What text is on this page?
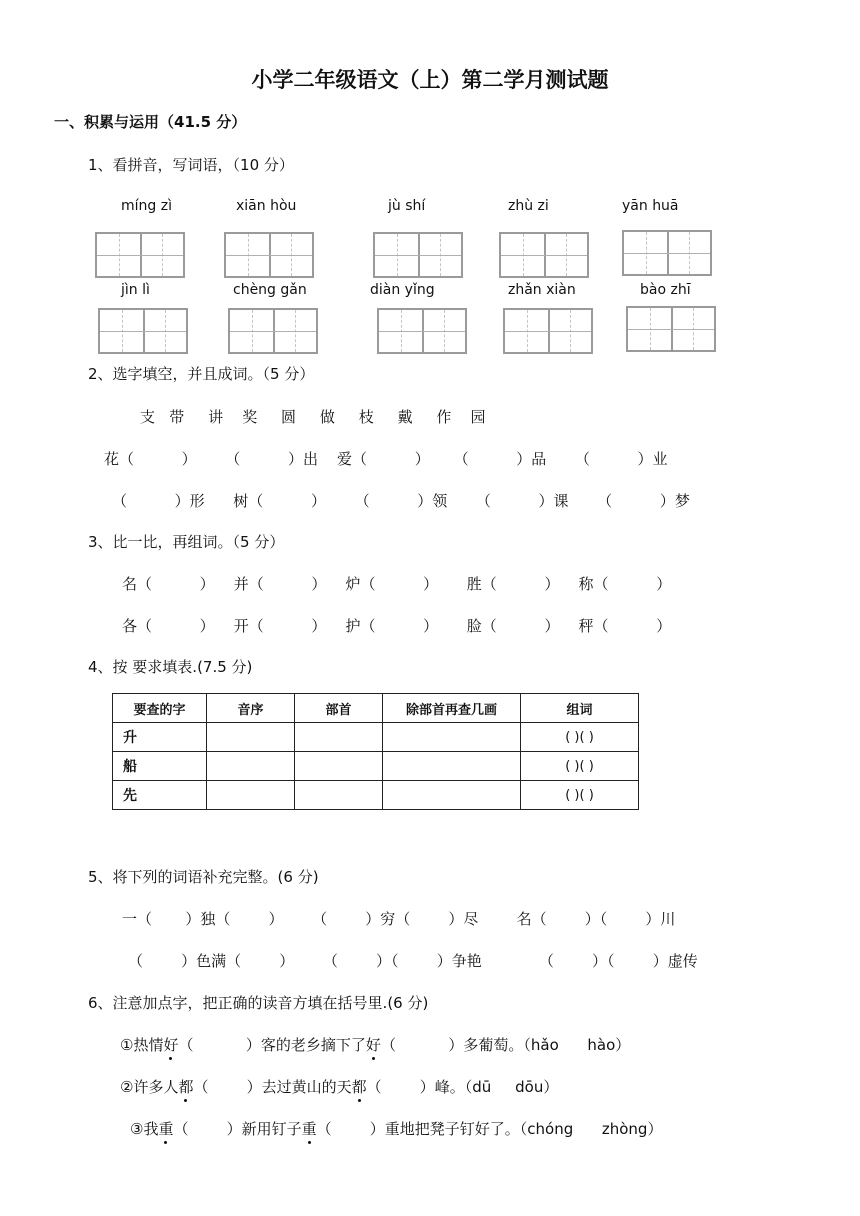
小学二年级语文（上）第二学月测试题
一、积累与运用（41.5 分）
1、看拼音，写词语，（10 分）
míng zì	xiān hòu	jù shí	zhù zi	yān huā
jìn lì	chèng gǎn	diàn yǐng	zhǎn xiàn	bào zhī
2、选字填空，并且成词。（5 分）
支   带     讲    奖     圆     做     枝     戴     作    园
花（          ）      （          ）出    爱（          ）     （          ）品      （          ）业
（          ）形      树（          ）      （          ）领      （          ）课      （          ）梦
3、比一比，再组词。（5 分）
名（          ）    并（          ）    炉（          ）      胜（          ）    称（          ）
各（          ）    开（          ）    护（          ）      脸（          ）    秤（          ）
4、按 要求填表.(7.5 分)
要查的字	音序	部首	除部首再查几画	组词
升				( )( )
船				( )( )
先				( )( )
5、将下列的词语补充完整。(6 分)
一（       ）独（        ）      （        ）穷（        ）尽        名（        ）（        ）川
（        ）色满（        ）      （        ）（        ）争艳            （        ）（        ）虚传
6、注意加点字，把正确的读音方填在括号里.(6 分)
①热情好（           ）客的老乡摘下了好（           ）多葡萄。（hǎo      hào）
②许多人都（        ）去过黄山的天都（        ）峰。（dū     dōu）
③我重（        ）新用钉子重（        ）重地把凳子钉好了。（chóng      zhòng）
